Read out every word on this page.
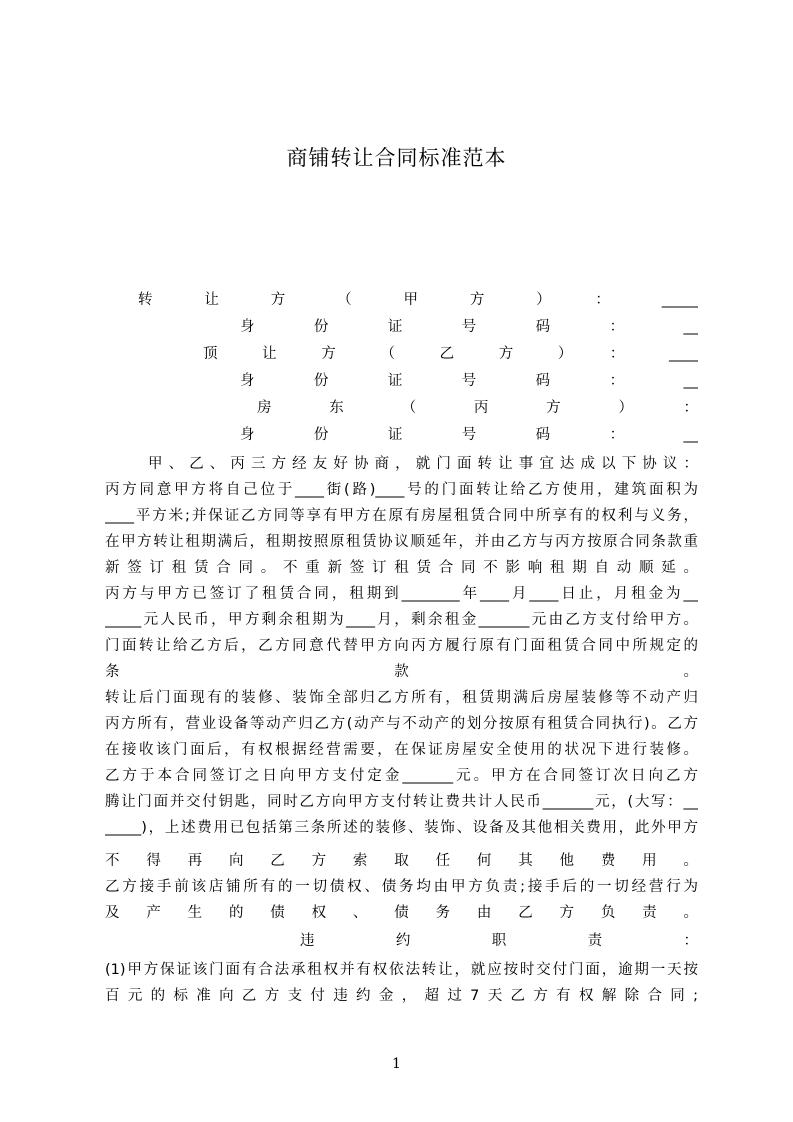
商铺转让合同标准范本
转让方（甲方）：_____
身份证号码：__
顶让方（乙方）：____
身份证号码：__
房东（丙方）：
身份证号码：__
甲、乙、丙三方经友好协商，就门面转让事宜达成以下协议：
丙方同意甲方将自己位于____街(路)____号的门面转让给乙方使用，建筑面积为
____平方米;并保证乙方同等享有甲方在原有房屋租赁合同中所享有的权利与义务，
在甲方转让租期满后，租期按照原租赁协议顺延年，并由乙方与丙方按原合同条款重
新签订租赁合同。不重新签订租赁合同不影响租期自动顺延。
丙方与甲方已签订了租赁合同，租期到________年____月____日止，月租金为__
_____元人民币，甲方剩余租期为____月，剩余租金_______元由乙方支付给甲方。
门面转让给乙方后，乙方同意代替甲方向丙方履行原有门面租赁合同中所规定的
条款。
转让后门面现有的装修、装饰全部归乙方所有，租赁期满后房屋装修等不动产归
丙方所有，营业设备等动产归乙方(动产与不动产的划分按原有租赁合同执行)。乙方
在接收该门面后，有权根据经营需要，在保证房屋安全使用的状况下进行装修。
乙方于本合同签订之日向甲方支付定金_______元。甲方在合同签订次日向乙方
腾让门面并交付钥匙，同时乙方向甲方支付转让费共计人民币_______元，(大写：__
_____)，上述费用已包括第三条所述的装修、装饰、设备及其他相关费用，此外甲方
不得再向乙方索取任何其他费用。
乙方接手前该店铺所有的一切债权、债务均由甲方负责;接手后的一切经营行为
及产生的债权、债务由乙方负责。
违约职责：
(1)甲方保证该门面有合法承租权并有权依法转让，就应按时交付门面，逾期一天按
百元的标准向乙方支付违约金，超过7天乙方有权解除合同;
1
